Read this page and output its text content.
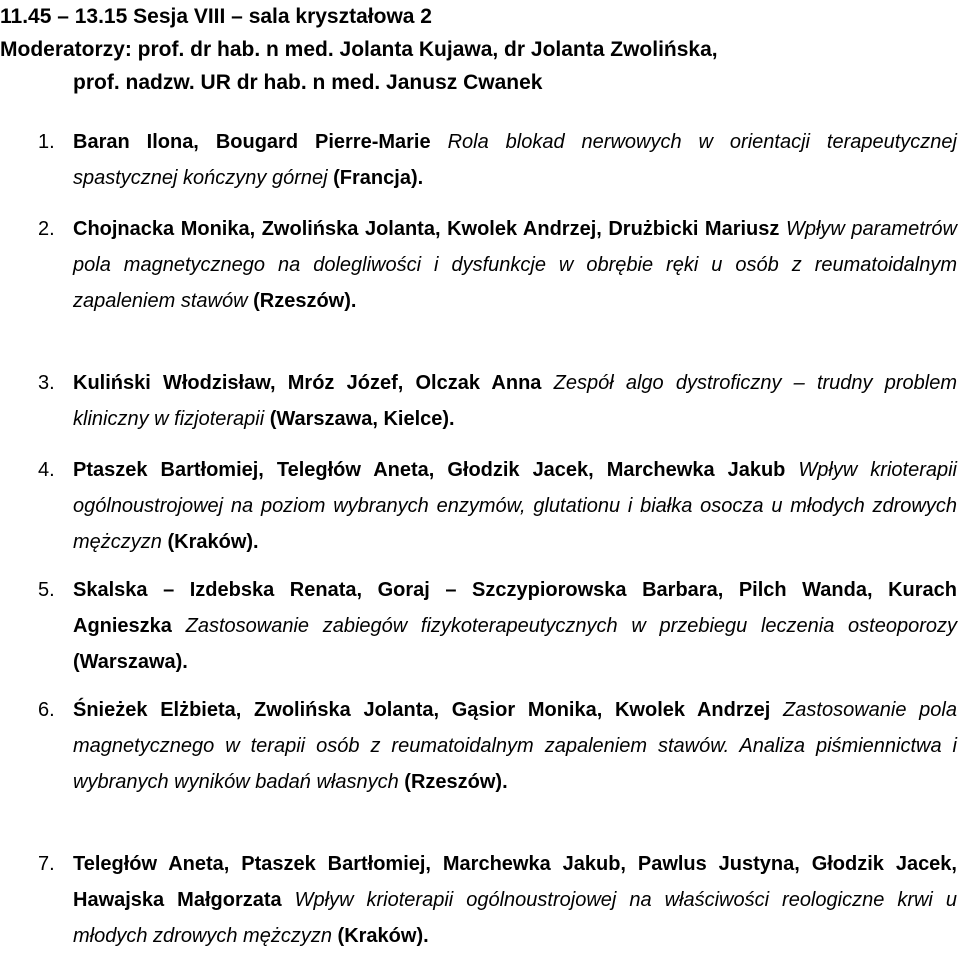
11.45 – 13.15 Sesja VIII – sala kryształowa 2
Moderatorzy: prof. dr hab. n med. Jolanta Kujawa, dr Jolanta Zwolińska,
prof. nadzw. UR dr hab. n med. Janusz Cwanek
1. Baran Ilona, Bougard Pierre-Marie Rola blokad nerwowych w orientacji terapeutycznej spastycznej kończyny górnej (Francja).
2. Chojnacka Monika, Zwolińska Jolanta, Kwolek Andrzej, Drużbicki Mariusz Wpływ parametrów pola magnetycznego na dolegliwości i dysfunkcje w obrębie ręki u osób z reumatoidalnym zapaleniem stawów (Rzeszów).
3. Kuliński Włodzisław, Mróz Józef, Olczak Anna Zespół algo dystroficzny – trudny problem kliniczny w fizjoterapii (Warszawa, Kielce).
4. Ptaszek Bartłomiej, Teległów Aneta, Głodzik Jacek, Marchewka Jakub Wpływ krioterapii ogólnoustrojowej na poziom wybranych enzymów, glutationu i białka osocza u młodych zdrowych mężczyzn (Kraków).
5. Skalska – Izdebska Renata, Goraj – Szczypiorowska Barbara, Pilch Wanda, Kurach Agnieszka Zastosowanie zabiegów fizykoterapeutycznych w przebiegu leczenia osteoporozy (Warszawa).
6. Śnieżek Elżbieta, Zwolińska Jolanta, Gąsior Monika, Kwolek Andrzej Zastosowanie pola magnetycznego w terapii osób z reumatoidalnym zapaleniem stawów. Analiza piśmiennictwa i wybranych wyników badań własnych (Rzeszów).
7. Teległów Aneta, Ptaszek Bartłomiej, Marchewka Jakub, Pawlus Justyna, Głodzik Jacek, Hawajska Małgorzata Wpływ krioterapii ogólnoustrojowej na właściwości reologiczne krwi u młodych zdrowych mężczyzn (Kraków).
